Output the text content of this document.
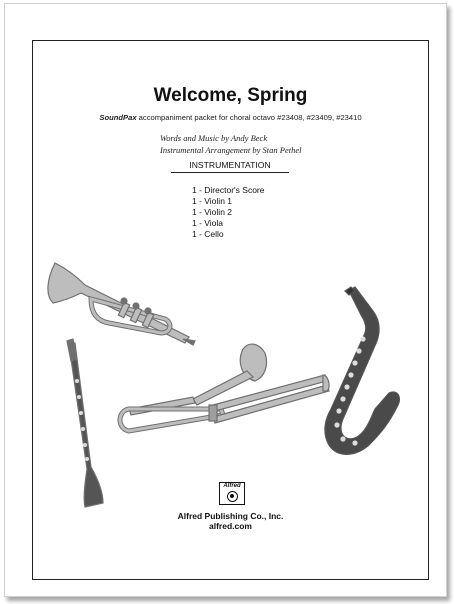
Welcome, Spring
SoundPax accompaniment packet for choral octavo #23408, #23409, #23410
Words and Music by Andy Beck
Instrumental Arrangement by Stan Pethel
INSTRUMENTATION
1 - Director's Score
1 - Violin 1
1 - Violin 2
1 - Viola
1 - Cello
Alfred
Alfred Publishing Co., Inc.
alfred.com
